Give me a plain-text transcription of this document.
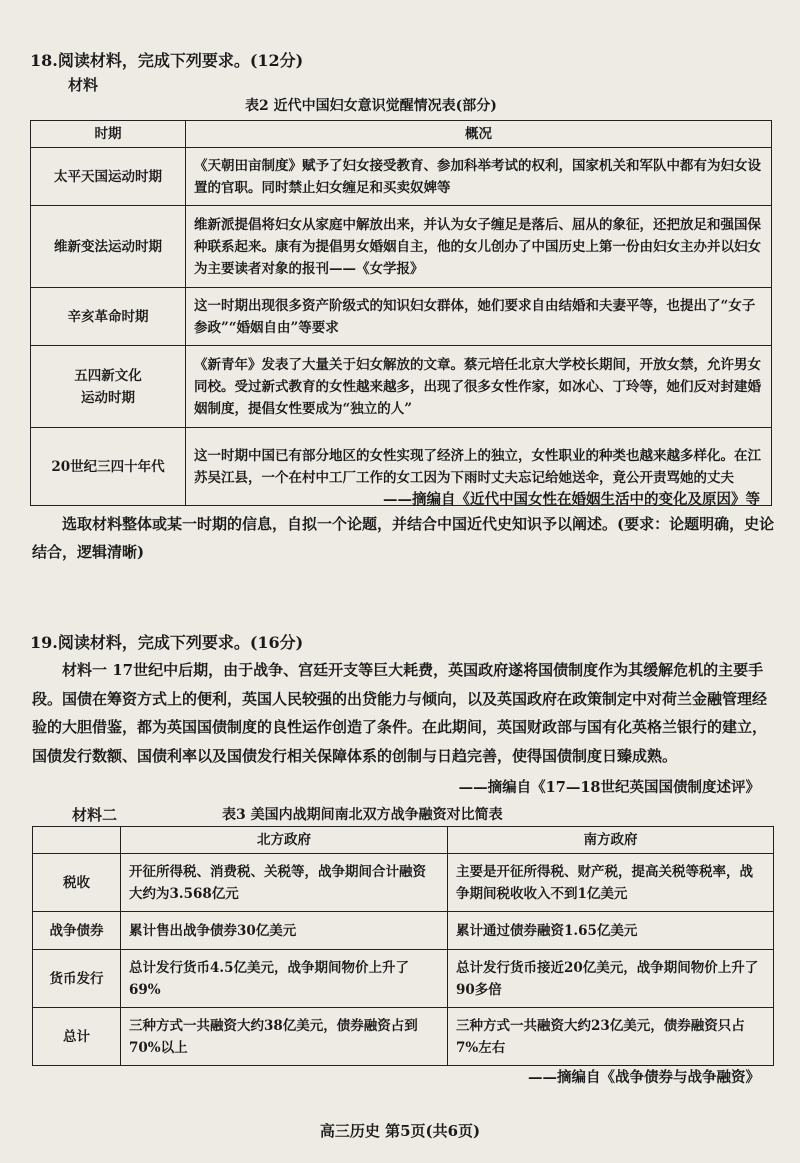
18.阅读材料，完成下列要求。(12分)
材料
表2 近代中国妇女意识觉醒情况表(部分)
时期	概况
太平天国运动时期	《天朝田亩制度》赋予了妇女接受教育、参加科举考试的权利，国家机关和军队中都有为妇女设置的官职。同时禁止妇女缠足和买卖奴婢等
维新变法运动时期	维新派提倡将妇女从家庭中解放出来，并认为女子缠足是落后、屈从的象征，还把放足和强国保种联系起来。康有为提倡男女婚姻自主，他的女儿创办了中国历史上第一份由妇女主办并以妇女为主要读者对象的报刊——《女学报》
辛亥革命时期	这一时期出现很多资产阶级式的知识妇女群体，她们要求自由结婚和夫妻平等，也提出了“女子参政”“婚姻自由”等要求

五四新文化
运动时期	《新青年》发表了大量关于妇女解放的文章。蔡元培任北京大学校长期间，开放女禁，允许男女同校。受过新式教育的女性越来越多，出现了很多女性作家，如冰心、丁玲等，她们反对封建婚姻制度，提倡女性要成为“独立的人”
20世纪三四十年代	这一时期中国已有部分地区的女性实现了经济上的独立，女性职业的种类也越来越多样化。在江苏吴江县，一个在村中工厂工作的女工因为下雨时丈夫忘记给她送伞，竟公开责骂她的丈夫
——摘编自《近代中国女性在婚姻生活中的变化及原因》等
选取材料整体或某一时期的信息，自拟一个论题，并结合中国近代史知识予以阐述。(要求：论题明确，史论结合，逻辑清晰)
19.阅读材料，完成下列要求。(16分)
材料一 17世纪中后期，由于战争、宫廷开支等巨大耗费，英国政府遂将国债制度作为其缓解危机的主要手段。国债在筹资方式上的便利，英国人民较强的出贷能力与倾向，以及英国政府在政策制定中对荷兰金融管理经验的大胆借鉴，都为英国国债制度的良性运作创造了条件。在此期间，英国财政部与国有化英格兰银行的建立，国债发行数额、国债利率以及国债发行相关保障体系的创制与日趋完善，使得国债制度日臻成熟。
——摘编自《17—18世纪英国国债制度述评》
材料二	表3 美国内战期间南北双方战争融资对比简表
	北方政府	南方政府
税收	开征所得税、消费税、关税等，战争期间合计融资大约为3.568亿元	主要是开征所得税、财产税，提高关税等税率，战争期间税收收入不到1亿美元
战争债券	累计售出战争债券30亿美元	累计通过债券融资1.65亿美元
货币发行	总计发行货币4.5亿美元，战争期间物价上升了69%	总计发行货币接近20亿美元，战争期间物价上升了90多倍
总计	三种方式一共融资大约38亿美元，债券融资占到70%以上	三种方式一共融资大约23亿美元，债券融资只占7%左右
——摘编自《战争债券与战争融资》
高三历史 第5页(共6页)
